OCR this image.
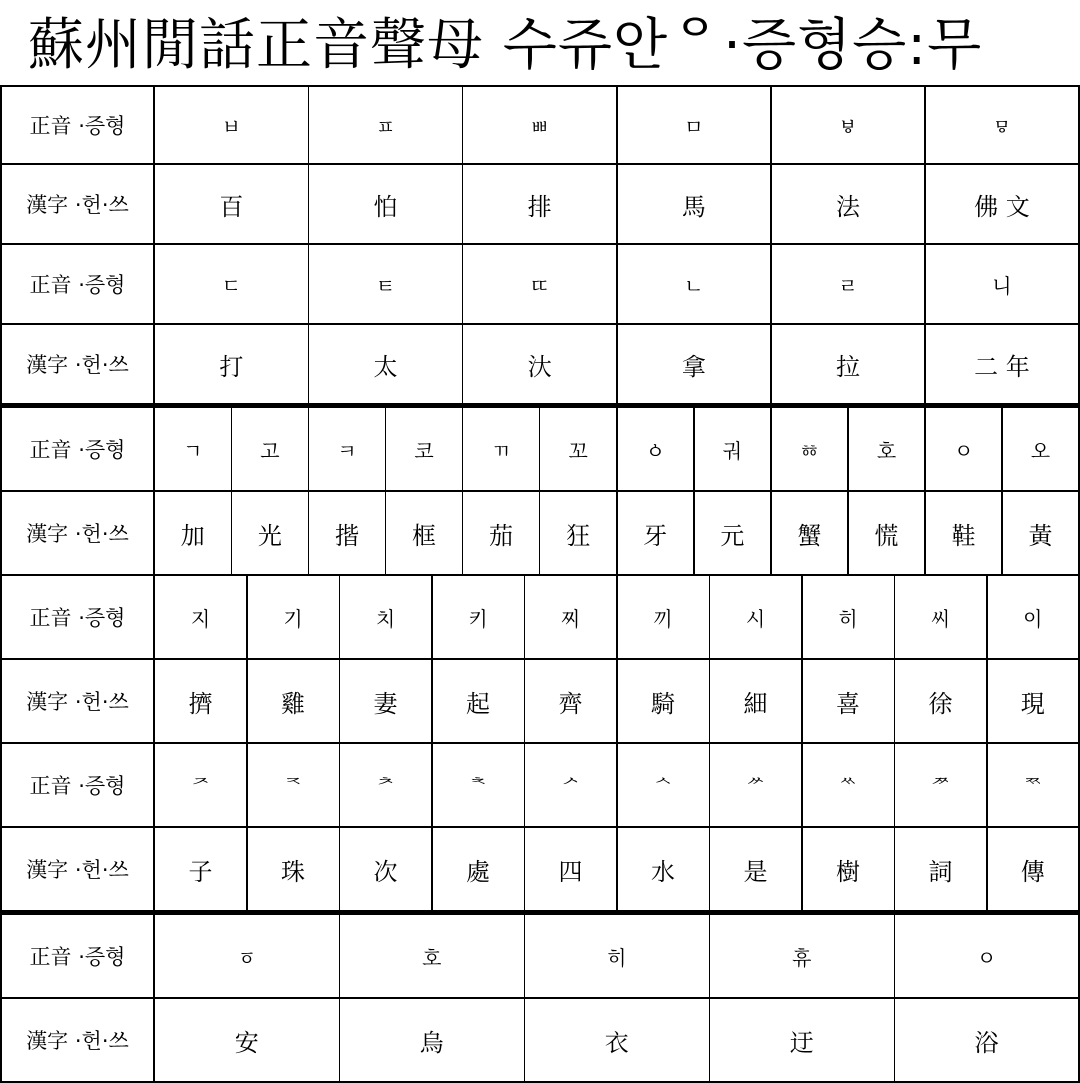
蘇州閒話正音聲母 수쥬안ᄋ·증형승:무
正音 ·증형	ㅂ	ㅍ	ㅃ	ㅁ	ㅸ	ㅱ
漢字 ·헌·쓰	百	怕	排	馬	法	佛 文
正音 ·증형	ㄷ	ㅌ	ㄸ	ㄴ	ㄹ	니
漢字 ·헌·쓰	打	太	汏	拿	拉	二 年
正音 ·증형	ㄱ	고	ㅋ	코	ㄲ	꼬	ㆁ	궈	ㆅ	호	ㅇ	오
漢字 ·헌·쓰	加	光	揩	框	茄	狂	牙	元	蟹	慌	鞋	黃
正音 ·증형	지	기	치	키	찌	끼	시	히	씨	이
漢字 ·헌·쓰	擠	雞	妻	起	齊	騎	細	喜	徐	現
正音 ·증형	ᅎ	ᅐ	ᅔ	ᅕ	ᄼ	ᄾ	ᄽ	ᄿ	ᅏ	ᅑ
漢字 ·헌·쓰	子	珠	次	處	四	水	是	樹	詞	傳
正音 ·증형	ㆆ	호	히	휴	ㅇ
漢字 ·헌·쓰	安	烏	衣	迂	浴
